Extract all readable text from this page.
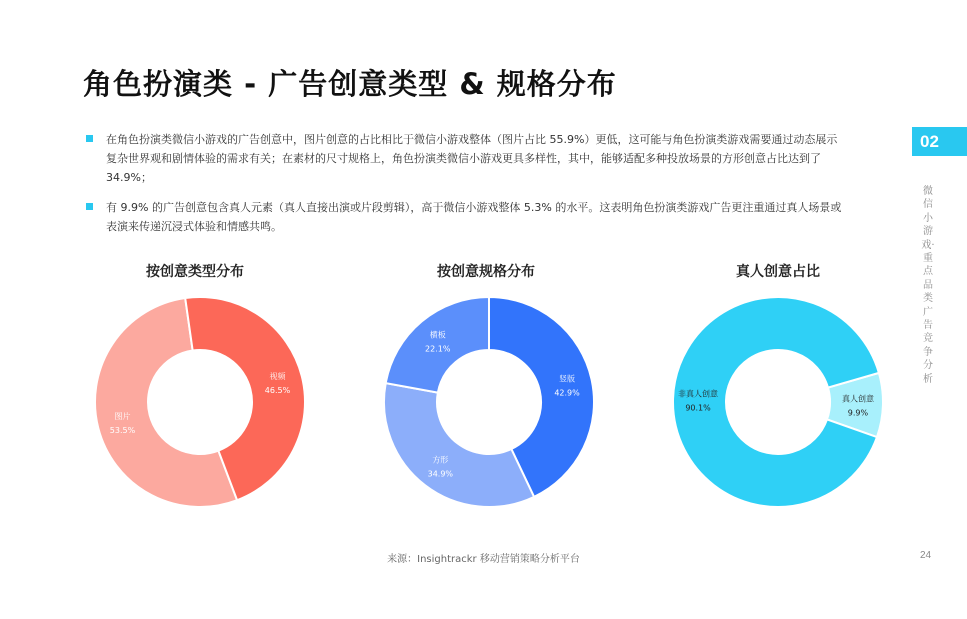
角色扮演类 - 广告创意类型 & 规格分布
在角色扮演类微信小游戏的广告创意中，图片创意的占比相比于微信小游戏整体（图片占比 55.9%）更低，这可能与角色扮演类游戏需要通过动态展示复杂世界观和剧情体验的需求有关；在素材的尺寸规格上，角色扮演类微信小游戏更具多样性，其中，能够适配多种投放场景的方形创意占比达到了 34.9%；
有 9.9% 的广告创意包含真人元素（真人直接出演或片段剪辑），高于微信小游戏整体 5.3% 的水平。这表明角色扮演类游戏广告更注重通过真人场景或表演来传递沉浸式体验和情感共鸣。
02
微信小游戏·重点品类广告竞争分析
按创意类型分布	按创意规格分布	真人创意占比
图片
53.5%
视频
46.5%
竖版
42.9%
方形
34.9%
横板
22.1%
真人创意
9.9%
非真人创意
90.1%
来源：Insightrackr 移动营销策略分析平台	24
